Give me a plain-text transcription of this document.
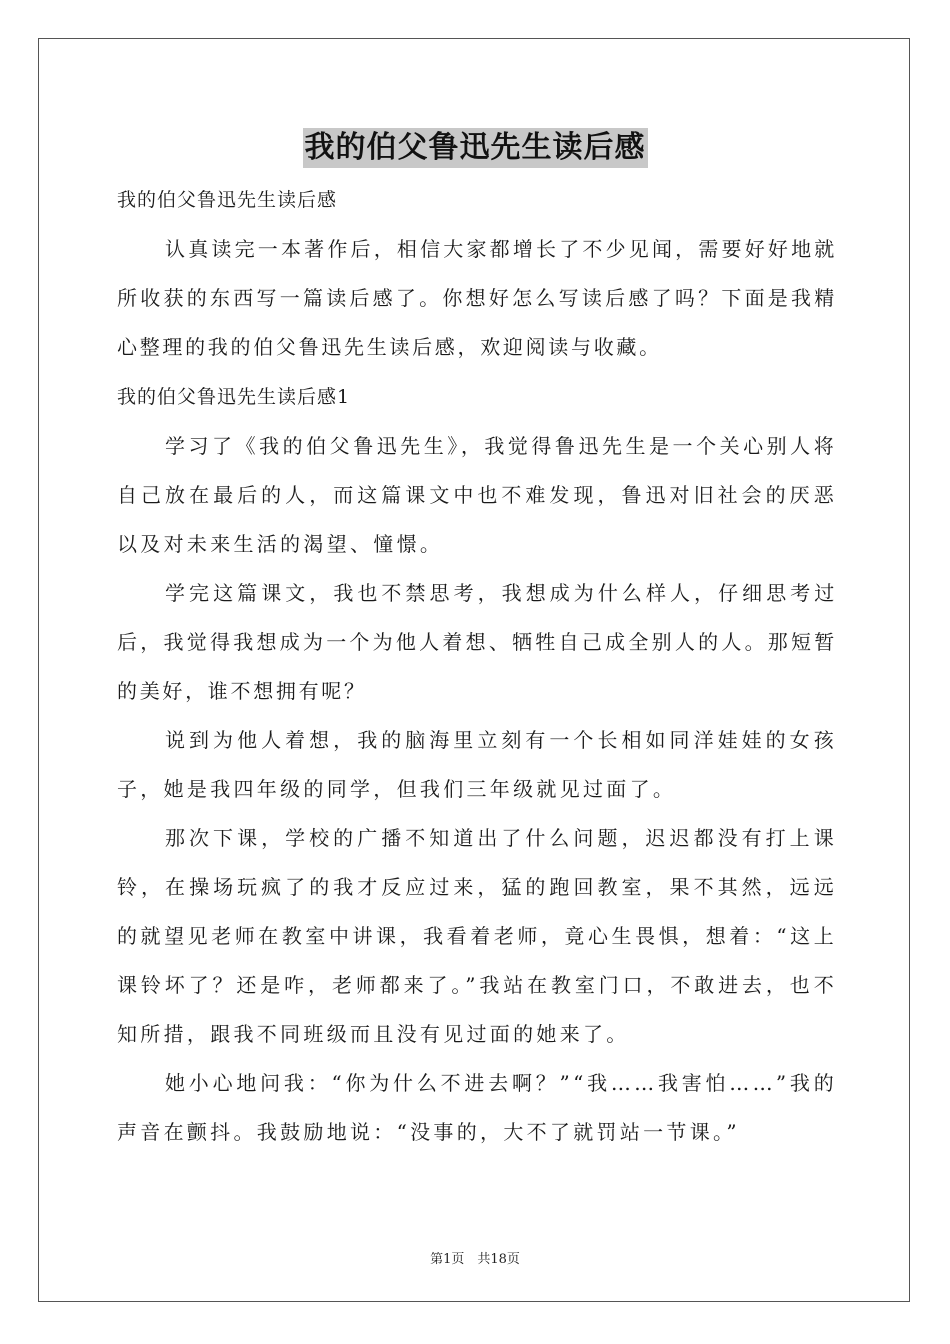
我的伯父鲁迅先生读后感

我的伯父鲁迅先生读后感

认真读完一本著作后，相信大家都增长了不少见闻，需要好好地就所收获的东西写一篇读后感了。你想好怎么写读后感了吗？下面是我精心整理的我的伯父鲁迅先生读后感，欢迎阅读与收藏。

我的伯父鲁迅先生读后感1

学习了《我的伯父鲁迅先生》，我觉得鲁迅先生是一个关心别人将自己放在最后的人，而这篇课文中也不难发现，鲁迅对旧社会的厌恶以及对未来生活的渴望、憧憬。

学完这篇课文，我也不禁思考，我想成为什么样人，仔细思考过后，我觉得我想成为一个为他人着想、牺牲自己成全别人的人。那短暂的美好，谁不想拥有呢？

说到为他人着想，我的脑海里立刻有一个长相如同洋娃娃的女孩子，她是我四年级的同学，但我们三年级就见过面了。

那次下课，学校的广播不知道出了什么问题，迟迟都没有打上课铃，在操场玩疯了的我才反应过来，猛的跑回教室，果不其然，远远的就望见老师在教室中讲课，我看着老师，竟心生畏惧，想着：“这上课铃坏了？还是咋，老师都来了。”我站在教室门口，不敢进去，也不知所措，跟我不同班级而且没有见过面的她来了。

她小心地问我：“你为什么不进去啊？”“我……我害怕……”我的声音在颤抖。我鼓励地说：“没事的，大不了就罚站一节课。”

第1页　共18页
